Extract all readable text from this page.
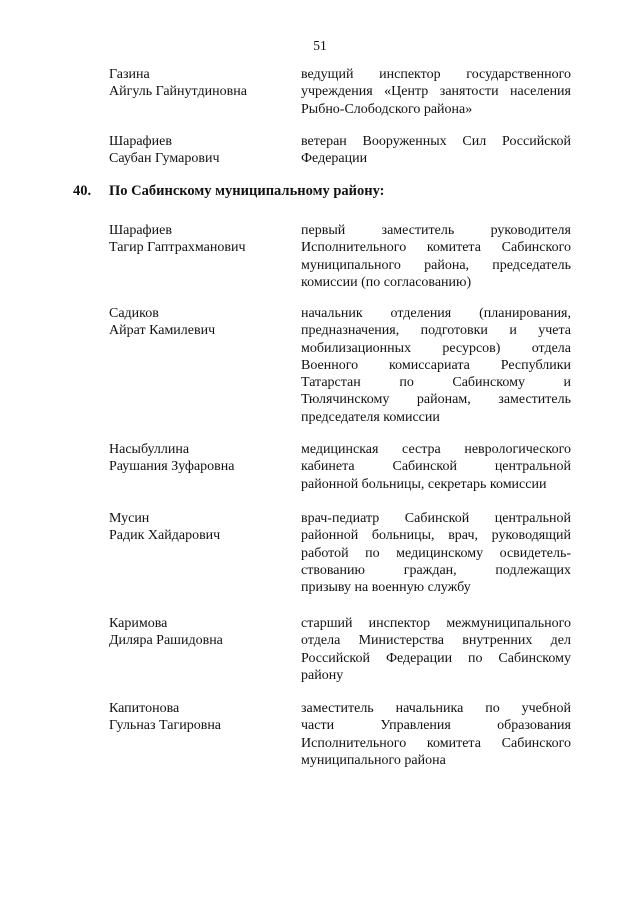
51
Газина
Айгуль Гайнутдиновна
ведущий инспектор государственного
учреждения «Центр занятости населения
Рыбно-Слободского района»
Шарафиев
Саубан Гумарович
ветеран Вооруженных Сил Российской
Федерации
40. По Сабинскому муниципальному району:
Шарафиев
Тагир Гаптрахманович
первый заместитель руководителя
Исполнительного комитета Сабинского
муниципального района, председатель
комиссии (по согласованию)
Садиков
Айрат Камилевич
начальник отделения (планирования,
предназначения, подготовки и учета
мобилизационных ресурсов) отдела
Военного комиссариата Республики
Татарстан по Сабинскому и
Тюлячинскому районам, заместитель
председателя комиссии
Насыбуллина
Раушания Зуфаровна
медицинская сестра неврологического
кабинета Сабинской центральной
районной больницы, секретарь комиссии
Мусин
Радик Хайдарович
врач-педиатр Сабинской центральной
районной больницы, врач, руководящий
работой по медицинскому освидетель-
ствованию граждан, подлежащих
призыву на военную службу
Каримова
Диляра Рашидовна
старший инспектор межмуниципального
отдела Министерства внутренних дел
Российской Федерации по Сабинскому
району
Капитонова
Гульназ Тагировна
заместитель начальника по учебной
части Управления образования
Исполнительного комитета Сабинского
муниципального района
